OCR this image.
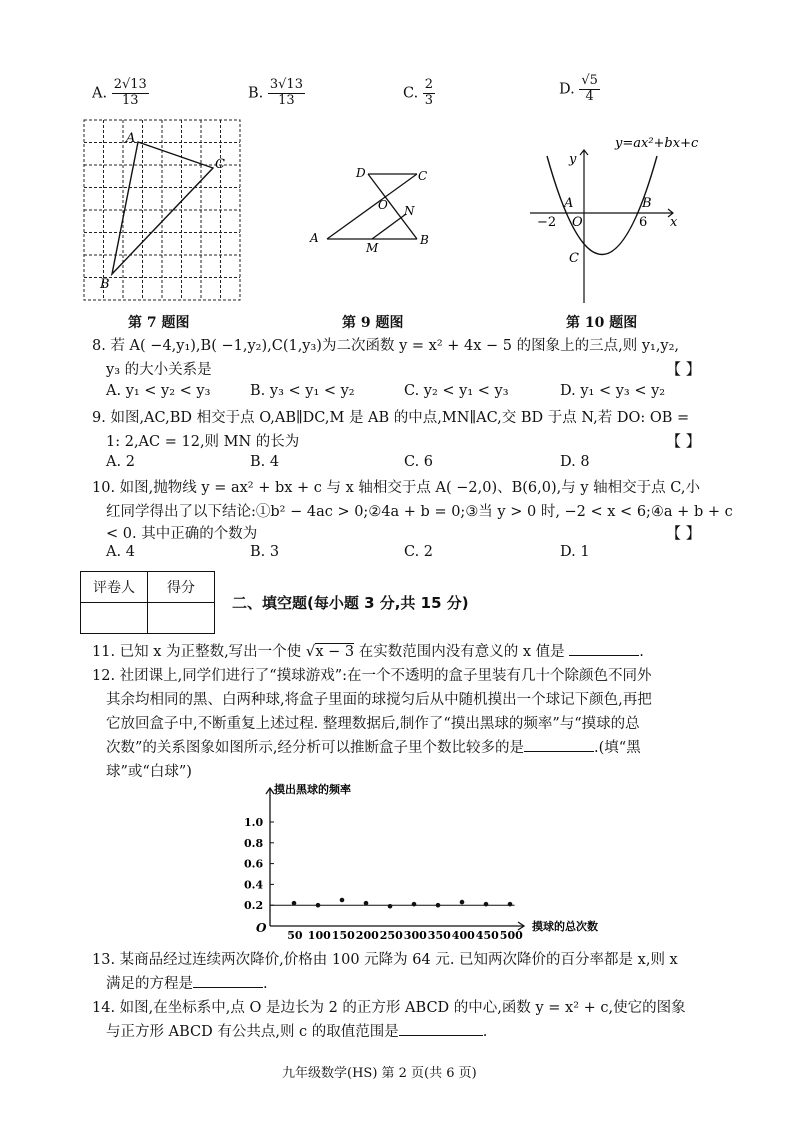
A. $\frac{2√13}{13}$	B. $\frac{3√13}{13}$	C. $\frac{2}{3}$	D. $\frac{√5}{4}$
A
C
B
第 7 题图
D	C
O N
A	B
M
第 9 题图
y=ax²+bx+c
y
x
A	B
−2 O	6
C
第 10 题图
8. 若 A( −4,y₁),B( −1,y₂),C(1,y₃)为二次函数 y = x² + 4x − 5 的图象上的三点,则 y₁,y₂,
y₃ 的大小关系是	【 】
A. y₁ < y₂ < y₃	B. y₃ < y₁ < y₂	C. y₂ < y₁ < y₃	D. y₁ < y₃ < y₂
9. 如图,AC,BD 相交于点 O,AB∥DC,M 是 AB 的中点,MN∥AC,交 BD 于点 N,若 DO: OB =
1: 2,AC = 12,则 MN 的长为	【 】
A. 2	B. 4	C. 6	D. 8
10. 如图,抛物线 y = ax² + bx + c 与 x 轴相交于点 A( −2,0)、B(6,0),与 y 轴相交于点 C,小
红同学得出了以下结论:①b² − 4ac > 0;②4a + b = 0;③当 y > 0 时, −2 < x < 6;④a + b + c
< 0. 其中正确的个数为	【 】
A. 4	B. 3	C. 2	D. 1
评卷人	得分

二、填空题(每小题 3 分,共 15 分)
11. 已知 x 为正整数,写出一个使 √x − 3 在实数范围内没有意义的 x 值是	.
12. 社团课上,同学们进行了“摸球游戏”:在一个不透明的盒子里装有几十个除颜色不同外
其余均相同的黑、白两种球,将盒子里面的球搅匀后从中随机摸出一个球记下颜色,再把
它放回盒子中,不断重复上述过程. 整理数据后,制作了“摸出黑球的频率”与“摸球的总
次数”的关系图象如图所示,经分析可以推断盒子里个数比较多的是	.(填“黑
球”或“白球”)
摸出黑球的频率
摸球的总次数
O
0.2
0.4
0.6
0.8
1.0
50 100 150 200 250 300 350 400 450 500
13. 某商品经过连续两次降价,价格由 100 元降为 64 元. 已知两次降价的百分率都是 x,则 x
满足的方程是	.
14. 如图,在坐标系中,点 O 是边长为 2 的正方形 ABCD 的中心,函数 y = x² + c,使它的图象
与正方形 ABCD 有公共点,则 c 的取值范围是	.
九年级数学(HS) 第 2 页(共 6 页)
